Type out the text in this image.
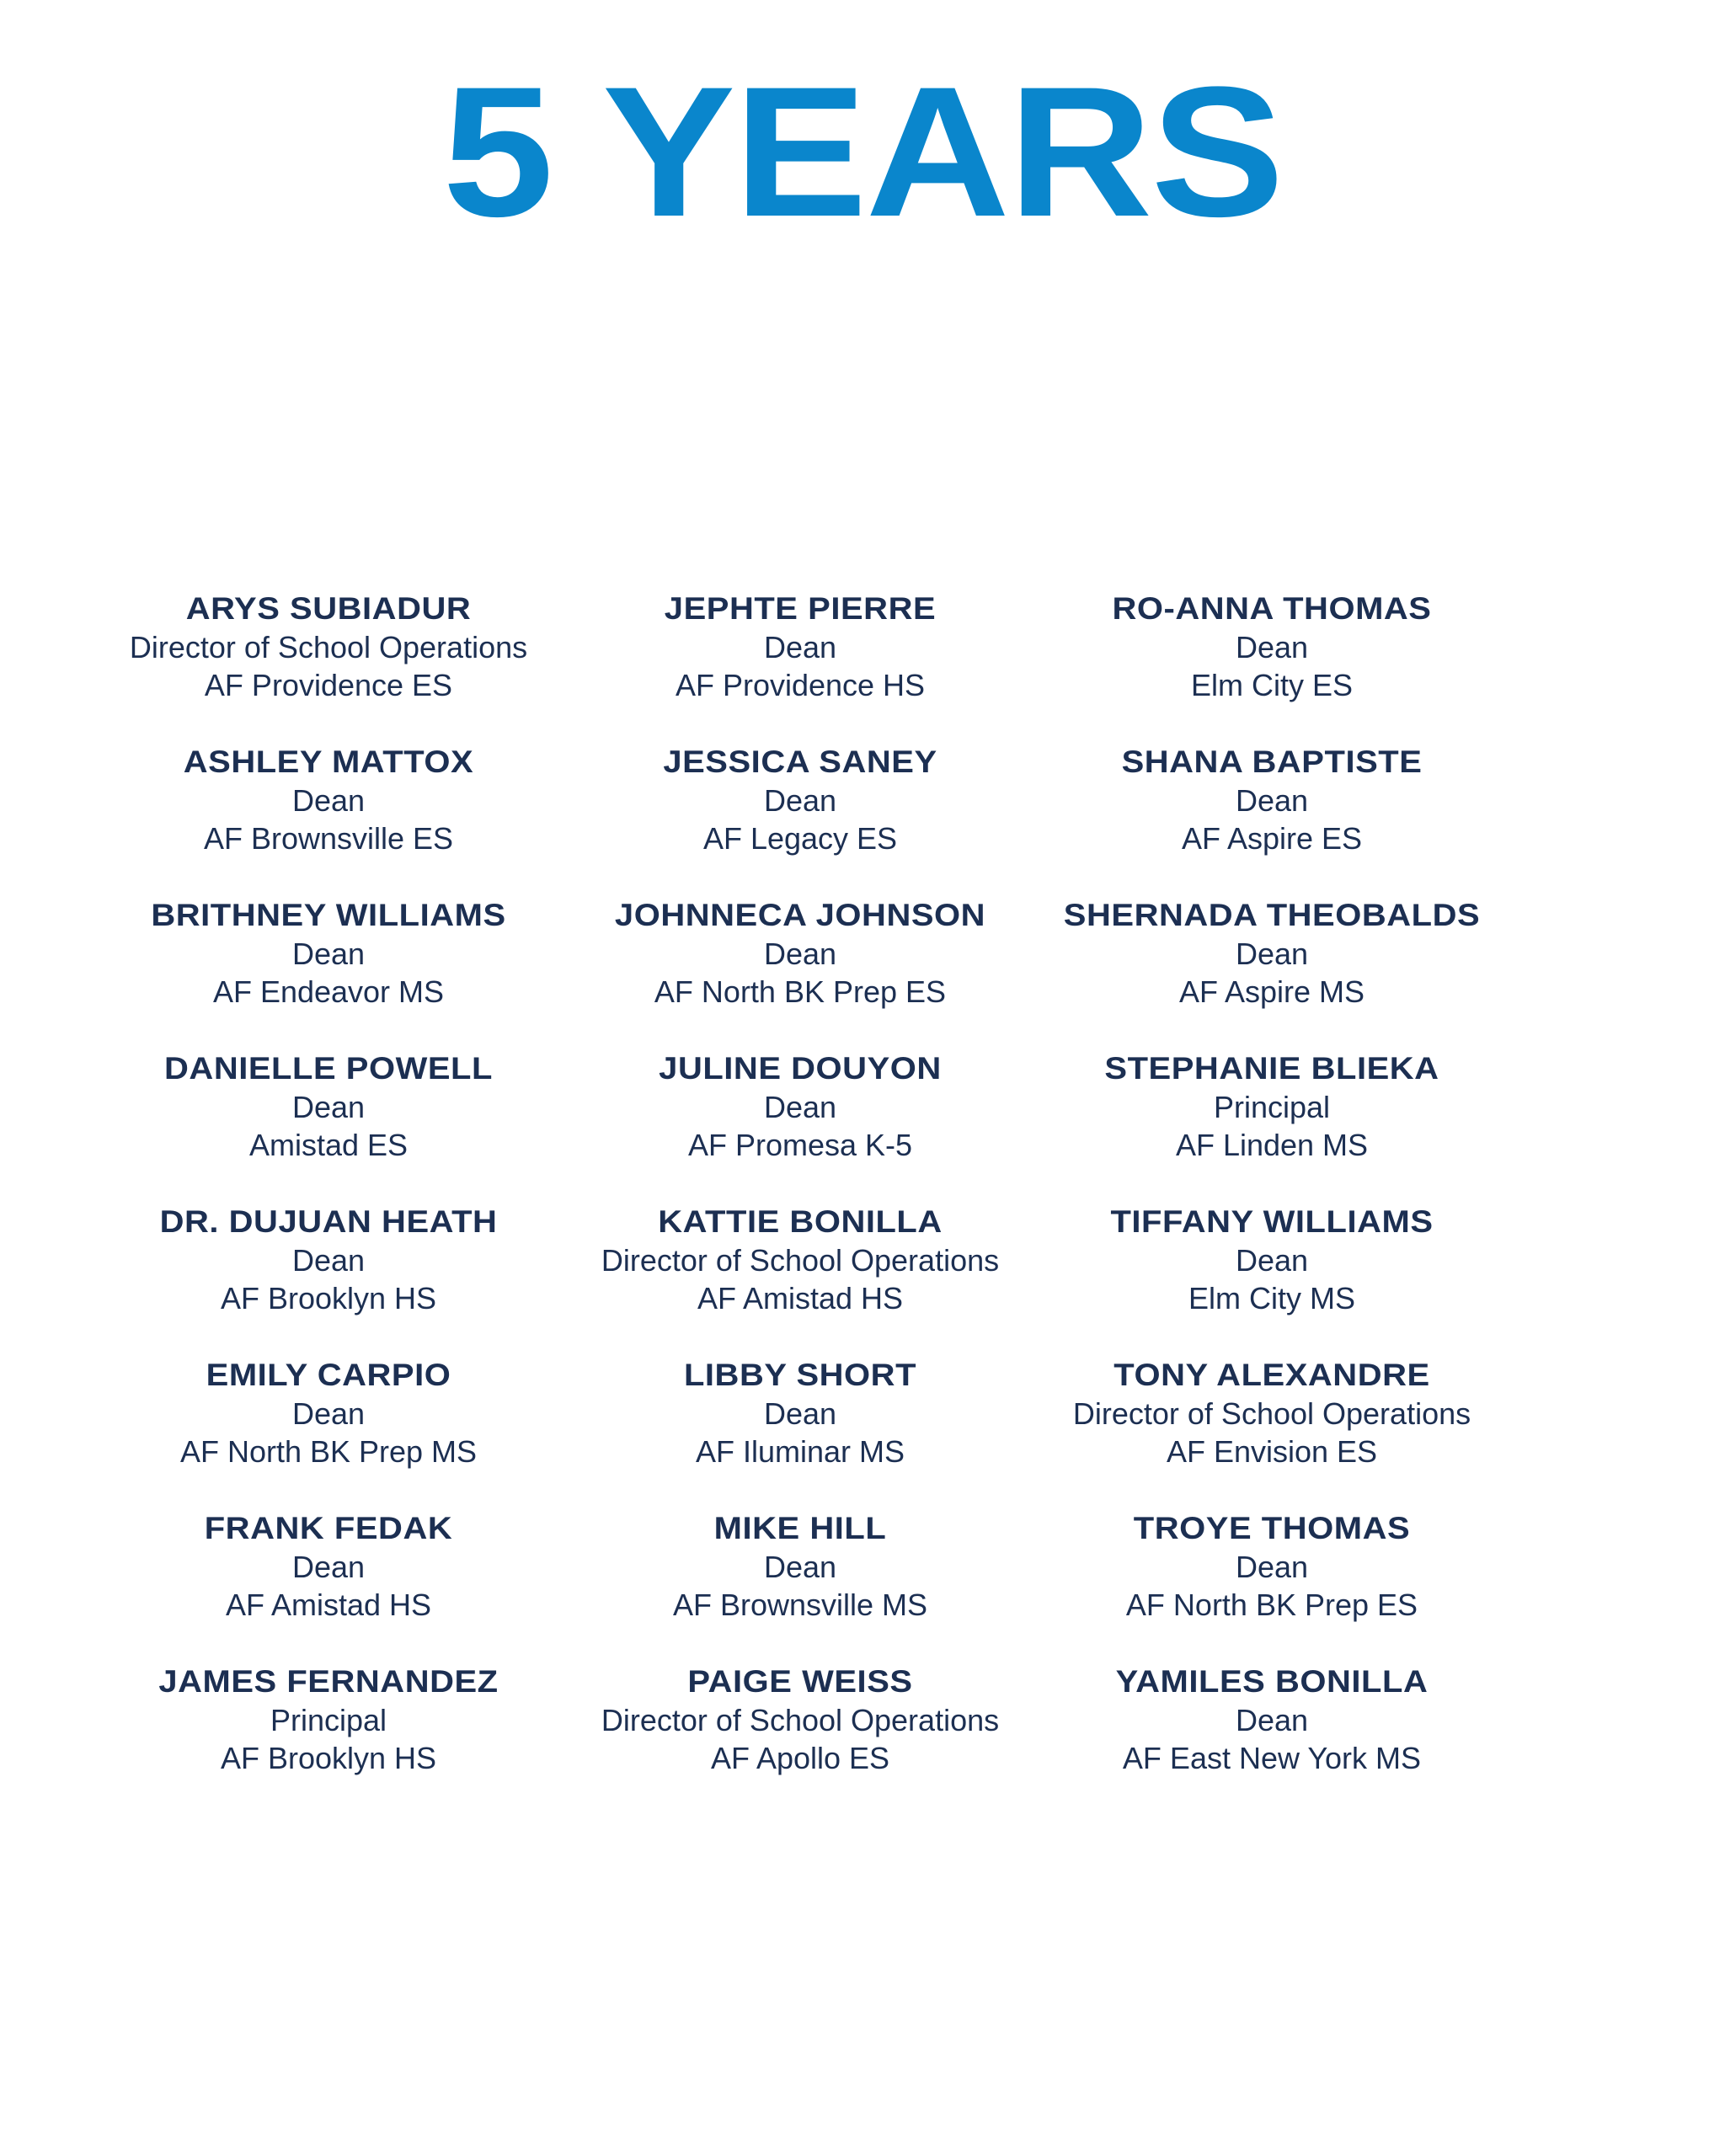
5 YEARS
ARYS SUBIADUR
Director of School Operations
AF Providence ES
ASHLEY MATTOX
Dean
AF Brownsville ES
BRITHNEY WILLIAMS
Dean
AF Endeavor MS
DANIELLE POWELL
Dean
Amistad ES
DR. DUJUAN HEATH
Dean
AF Brooklyn HS
EMILY CARPIO
Dean
AF North BK Prep MS
FRANK FEDAK
Dean
AF Amistad HS
JAMES FERNANDEZ
Principal
AF Brooklyn HS
JEPHTE PIERRE
Dean
AF Providence HS
JESSICA SANEY
Dean
AF Legacy ES
JOHNNECA JOHNSON
Dean
AF North BK Prep ES
JULINE DOUYON
Dean
AF Promesa K-5
KATTIE BONILLA
Director of School Operations
AF Amistad HS
LIBBY SHORT
Dean
AF Iluminar MS
MIKE HILL
Dean
AF Brownsville MS
PAIGE WEISS
Director of School Operations
AF Apollo ES
RO-ANNA THOMAS
Dean
Elm City ES
SHANA BAPTISTE
Dean
AF Aspire ES
SHERNADA THEOBALDS
Dean
AF Aspire MS
STEPHANIE BLIEKA
Principal
AF Linden MS
TIFFANY WILLIAMS
Dean
Elm City MS
TONY ALEXANDRE
Director of School Operations
AF Envision ES
TROYE THOMAS
Dean
AF North BK Prep ES
YAMILES BONILLA
Dean
AF East New York MS
